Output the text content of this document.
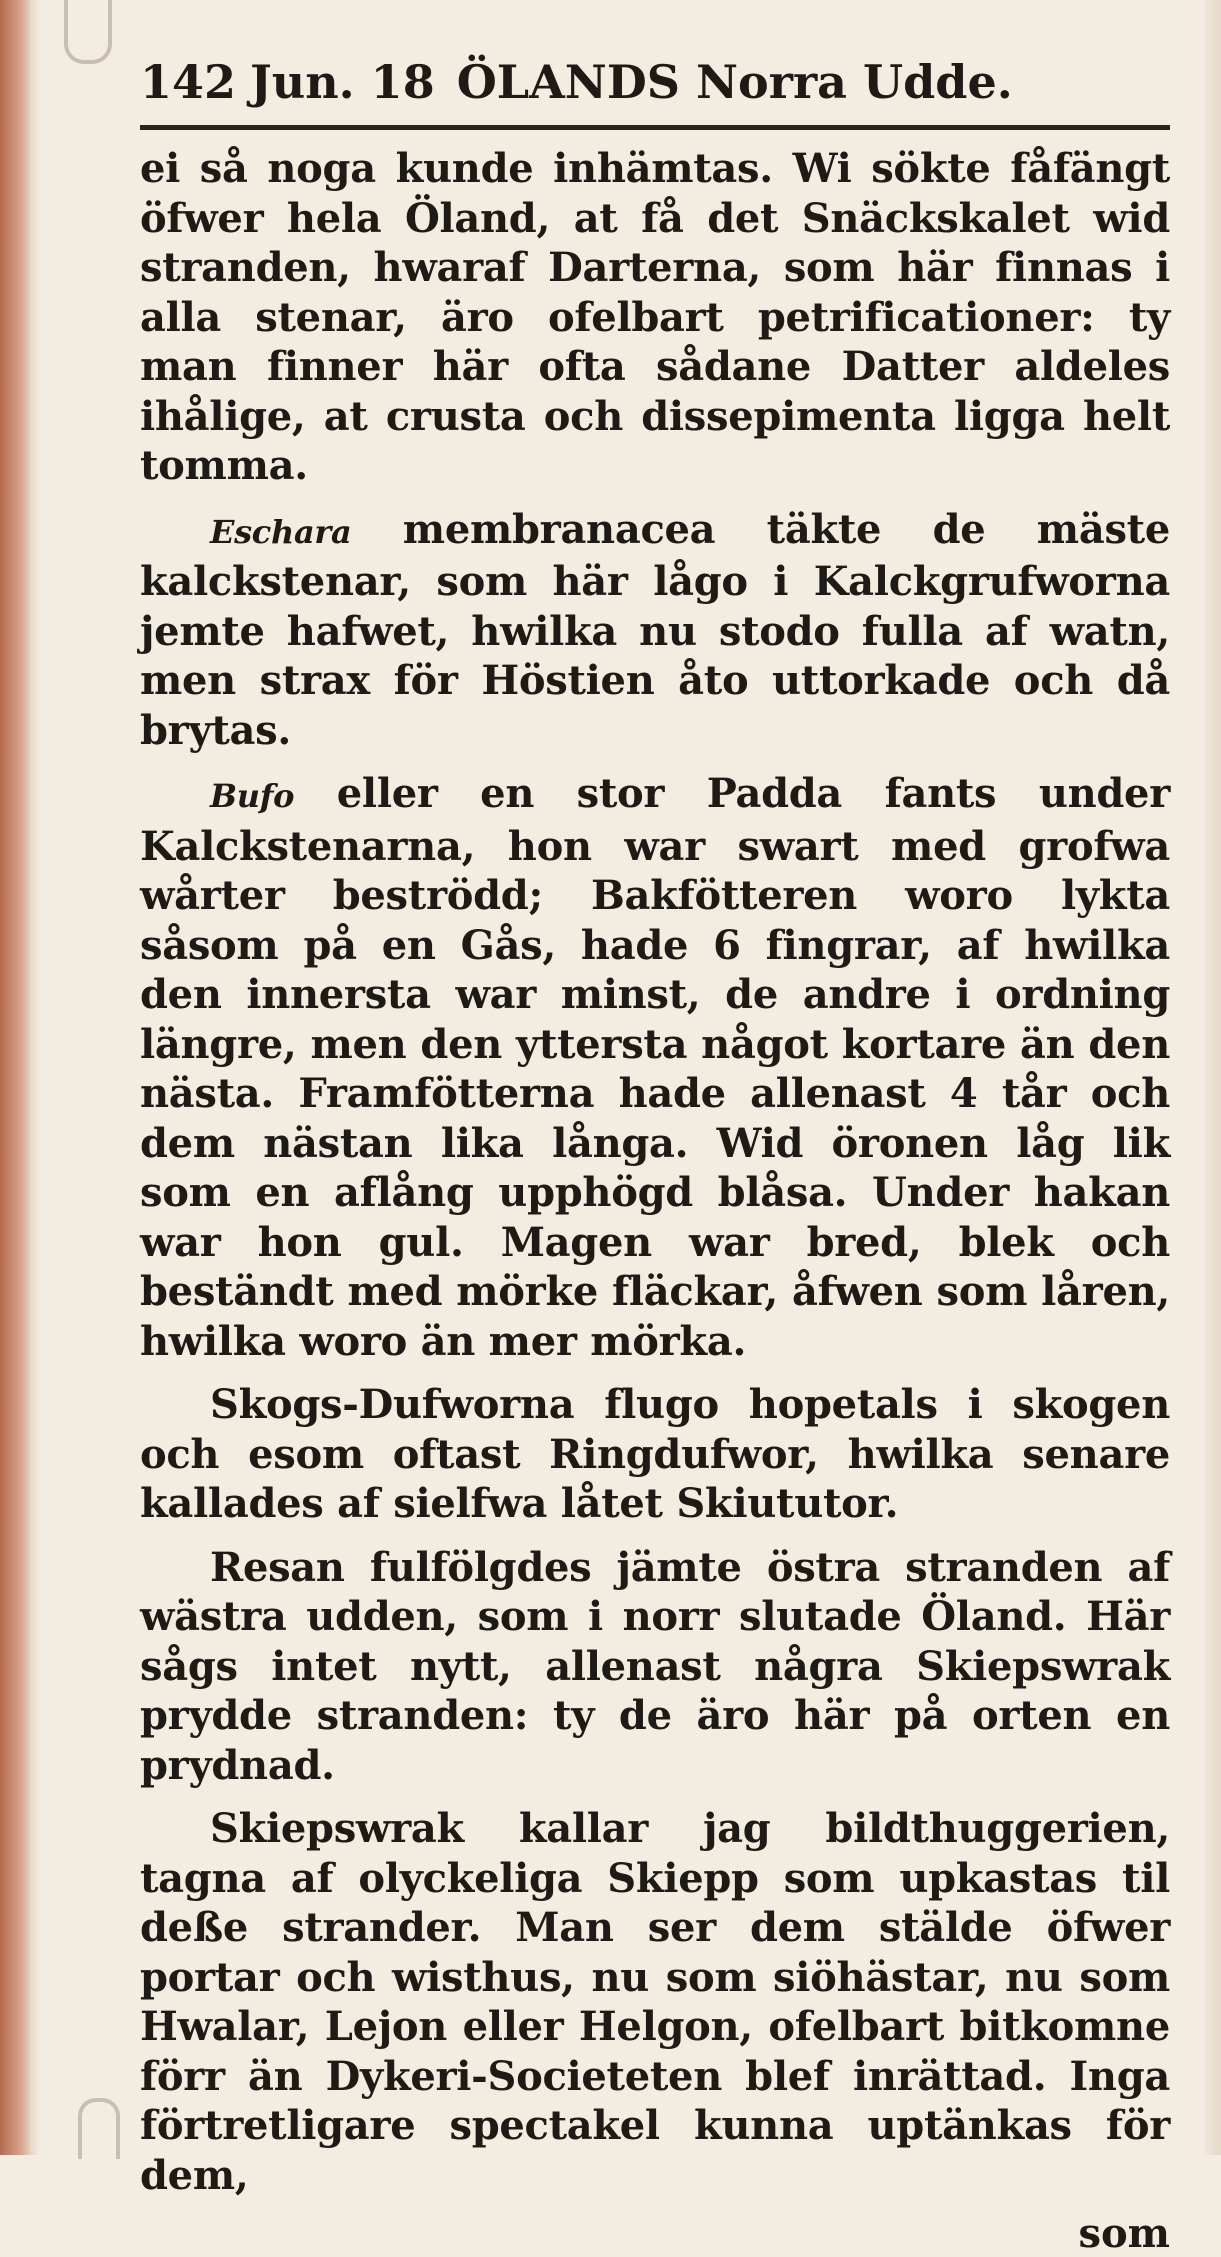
142 Jun. 18 ÖLANDS Norra Udde.

ei så noga kunde inhämtas. Wi sökte fåfängt öfwer hela Öland, at få det Snäckskalet wid stranden, hwaraf Darterna, som här finnas i alla stenar, äro ofelbart petrificationer: ty man finner här ofta sådane Datter aldeles ihålige, at crusta och dissepimenta ligga helt tomma.

Eschara membranacea täkte de mäste kalckstenar, som här lågo i Kalckgrufworna jemte hafwet, hwilka nu stodo fulla af watn, men strax för Höstien åto uttorkade och då brytas.

Bufo eller en stor Padda fants under Kalckstenarna, hon war swart med grofwa wårter beströdd; Bakfötteren woro lykta såsom på en Gås, hade 6 fingrar, af hwilka den innersta war minst, de andre i ordning längre, men den yttersta något kortare än den nästa. Framfötterna hade allenast 4 tår och dem nästan lika långa. Wid öronen låg lik som en aflång upphögd blåsa. Under hakan war hon gul. Magen war bred, blek och beständt med mörke fläckar, åfwen som låren, hwilka woro än mer mörka.

Skogs-Dufworna flugo hopetals i skogen och esom oftast Ringdufwor, hwilka senare kallades af sielfwa låtet Skiututor.

Resan fulfölgdes jämte östra stranden af wästra udden, som i norr slutade Öland. Här sågs intet nytt, allenast några Skiepswrak prydde stranden: ty de äro här på orten en prydnad.

Skiepswrak kallar jag bildthuggerien, tagna af olyckeliga Skiepp som upkastas til deße strander. Man ser dem stälde öfwer portar och wisthus, nu som siöhästar, nu som Hwalar, Lejon eller Helgon, ofelbart bitkomne förr än Dykeri-Societeten blef inrättad. Inga förtretligare spectakel kunna uptänkas för dem,

som
